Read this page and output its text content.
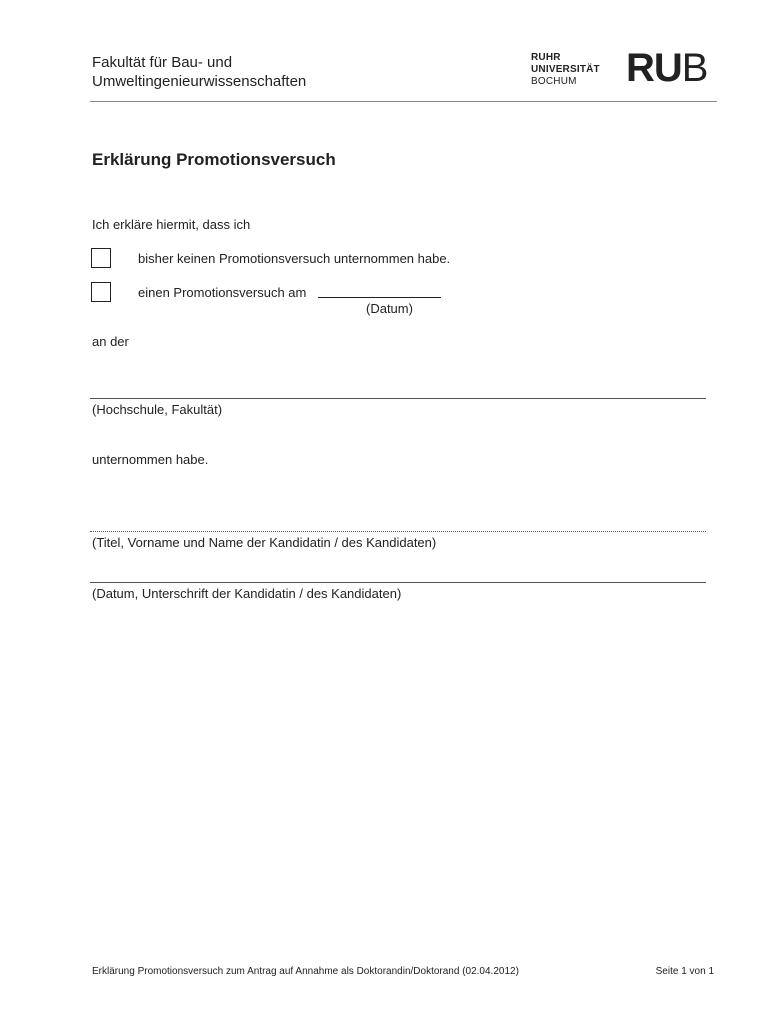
Fakultät für Bau- und
Umweltingenieurwissenschaften
RUHR
UNIVERSITÄT
BOCHUM	RUB
Erklärung Promotionsversuch
Ich erkläre hiermit, dass ich
bisher keinen Promotionsversuch unternommen habe.
einen Promotionsversuch am
(Datum)
an der
(Hochschule, Fakultät)
unternommen habe.
(Titel, Vorname und Name der Kandidatin / des Kandidaten)
(Datum, Unterschrift der Kandidatin / des Kandidaten)
Erklärung Promotionsversuch zum Antrag auf Annahme als Doktorandin/Doktorand (02.04.2012)	Seite 1 von 1
